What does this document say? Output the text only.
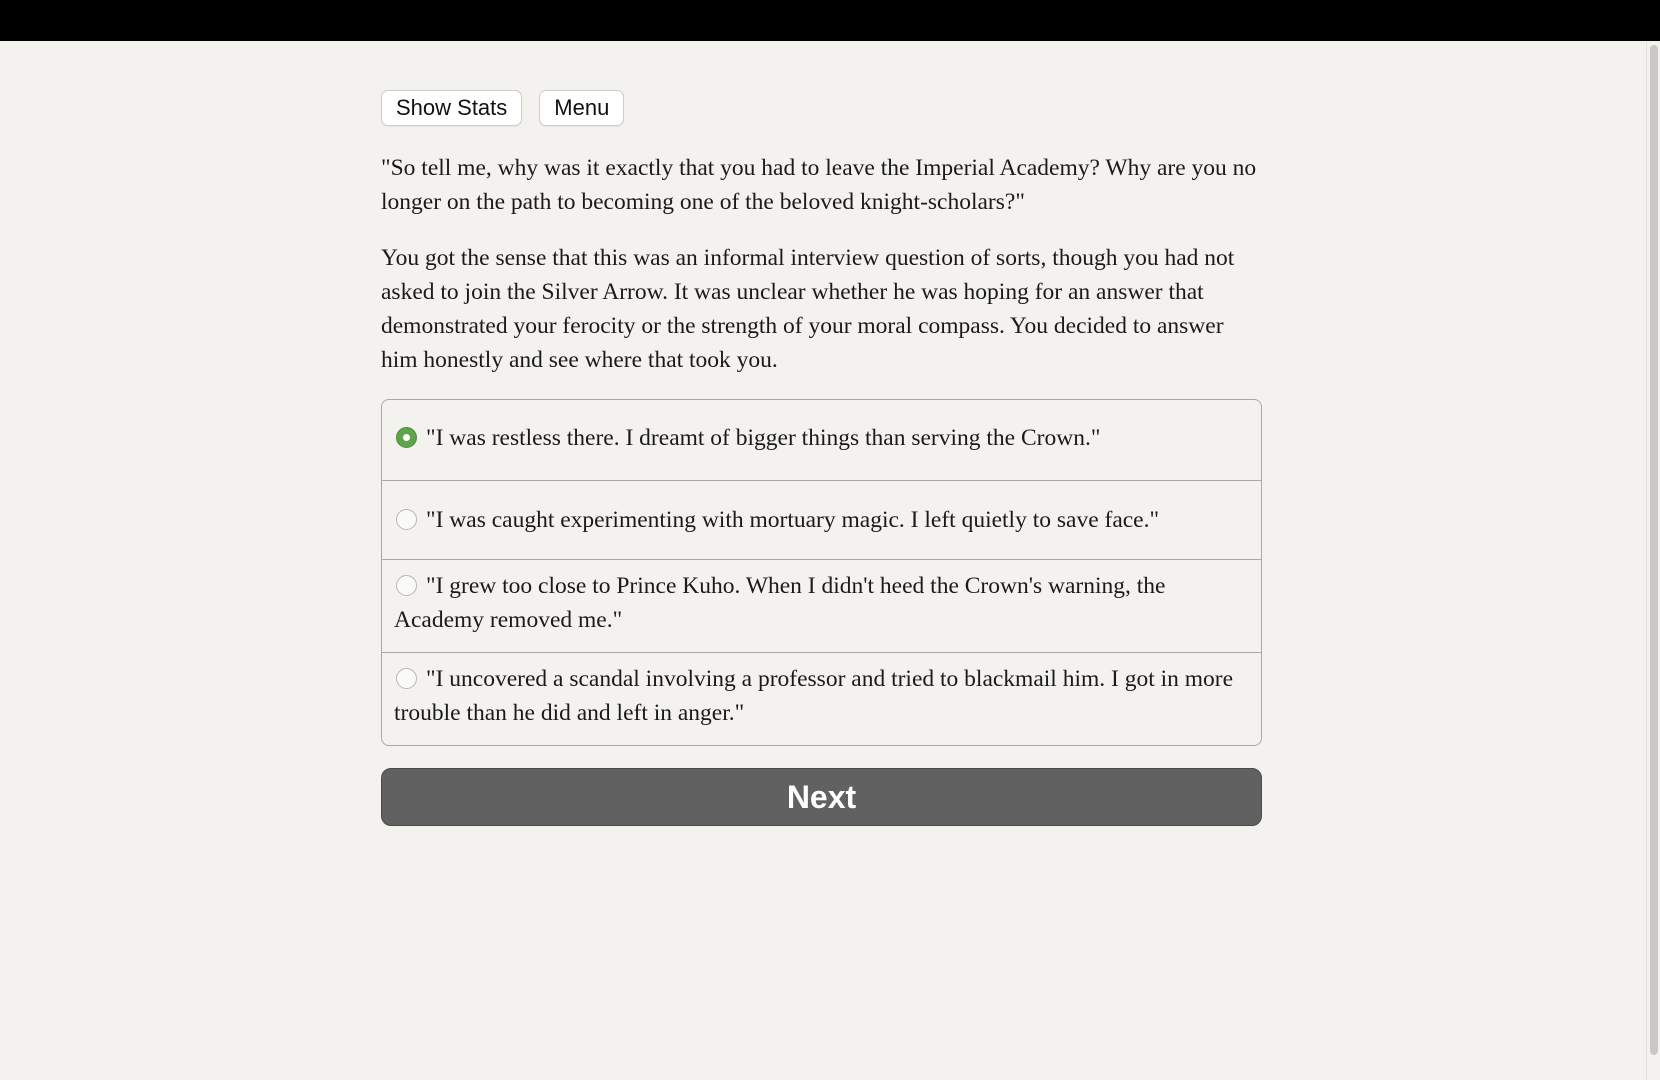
Show Stats	Menu

"So tell me, why was it exactly that you had to leave the Imperial Academy? Why are you no longer on the path to becoming one of the beloved knight-scholars?"

You got the sense that this was an informal interview question of sorts, though you had not asked to join the Silver Arrow. It was unclear whether he was hoping for an answer that demonstrated your ferocity or the strength of your moral compass. You decided to answer him honestly and see where that took you.

"I was restless there. I dreamt of bigger things than serving the Crown."
"I was caught experimenting with mortuary magic. I left quietly to save face."
"I grew too close to Prince Kuho. When I didn't heed the Crown's warning, the Academy removed me."
"I uncovered a scandal involving a professor and tried to blackmail him. I got in more trouble than he did and left in anger."
Next
